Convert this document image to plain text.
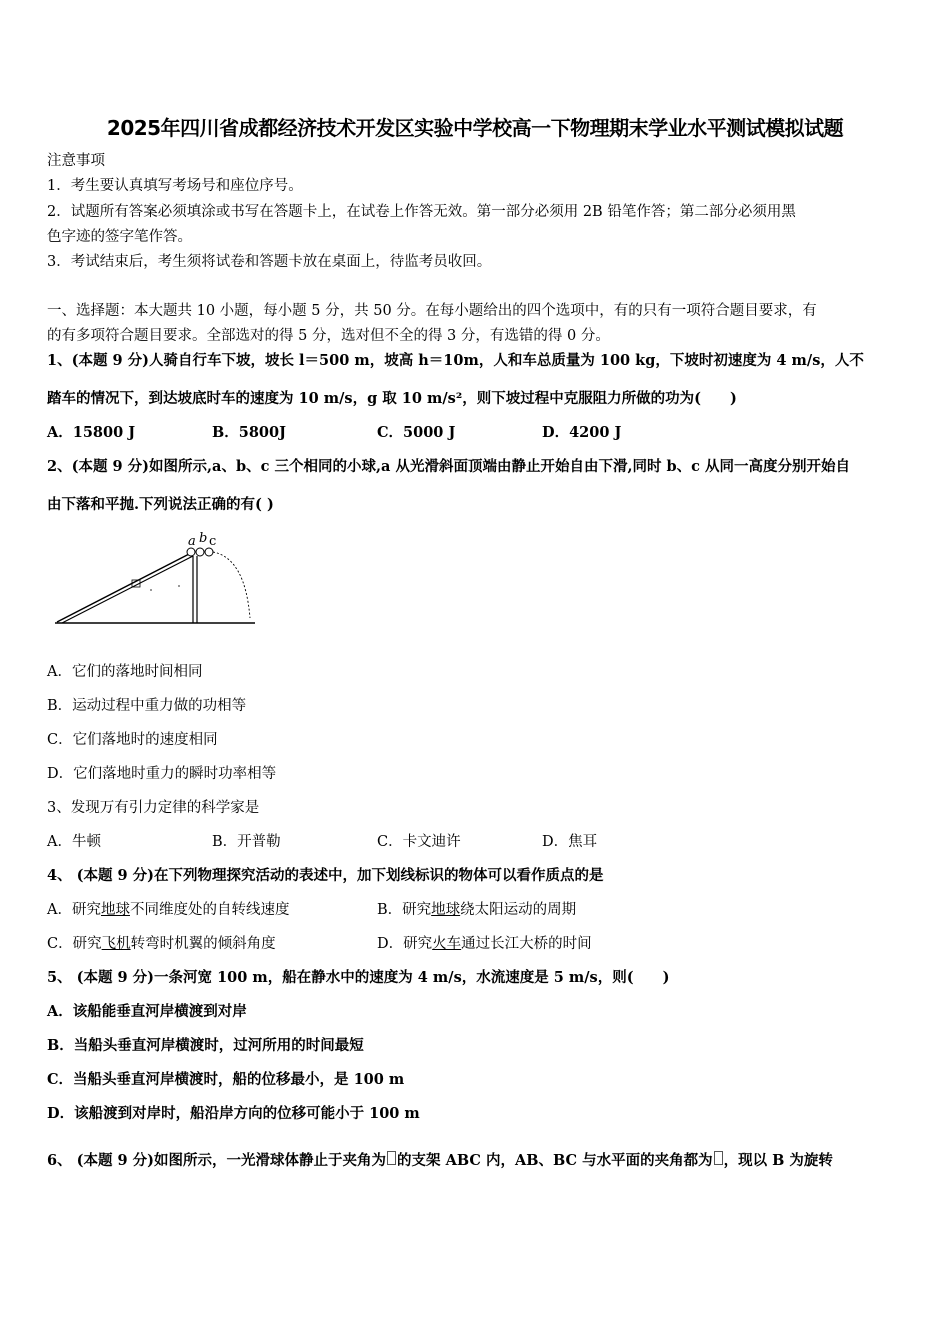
2025年四川省成都经济技术开发区实验中学校高一下物理期末学业水平测试模拟试题
注意事项
1．考生要认真填写考场号和座位序号。
2．试题所有答案必须填涂或书写在答题卡上，在试卷上作答无效。第一部分必须用 2B 铅笔作答；第二部分必须用黑
色字迹的签字笔作答。
3．考试结束后，考生须将试卷和答题卡放在桌面上，待监考员收回。
一、选择题：本大题共 10 小题，每小题 5 分，共 50 分。在每小题给出的四个选项中，有的只有一项符合题目要求，有
的有多项符合题目要求。全部选对的得 5 分，选对但不全的得 3 分，有选错的得 0 分。
1、(本题 9 分)人骑自行车下坡，坡长 l＝500 m，坡高 h＝10m，人和车总质量为 100 kg，下坡时初速度为 4 m/s，人不
踏车的情况下，到达坡底时车的速度为 10 m/s，g 取 10 m/s²，则下坡过程中克服阻力所做的功为(　　)
A．15800 J	B．5800J	C．5000 J	D．4200 J
2、(本题 9 分)如图所示,a、b、c 三个相同的小球,a 从光滑斜面顶端由静止开始自由下滑,同时 b、c 从同一高度分别开始自
由下落和平抛.下列说法正确的有( )
a b c
A．它们的落地时间相同
B．运动过程中重力做的功相等
C．它们落地时的速度相同
D．它们落地时重力的瞬时功率相等
3、发现万有引力定律的科学家是
A．牛顿	B．开普勒	C．卡文迪许	D．焦耳
4、 (本题 9 分)在下列物理探究活动的表述中，加下划线标识的物体可以看作质点的是
A．研究地球不同维度处的自转线速度	B．研究地球绕太阳运动的周期
C．研究飞机转弯时机翼的倾斜角度	D．研究火车通过长江大桥的时间
5、 (本题 9 分)一条河宽 100 m，船在静水中的速度为 4 m/s，水流速度是 5 m/s，则(　　)
A．该船能垂直河岸横渡到对岸
B．当船头垂直河岸横渡时，过河所用的时间最短
C．当船头垂直河岸横渡时，船的位移最小，是 100 m
D．该船渡到对岸时，船沿岸方向的位移可能小于 100 m
6、 (本题 9 分)如图所示，一光滑球体静止于夹角为 的支架 ABC 内，AB、BC 与水平面的夹角都为 ，现以 B 为旋转
